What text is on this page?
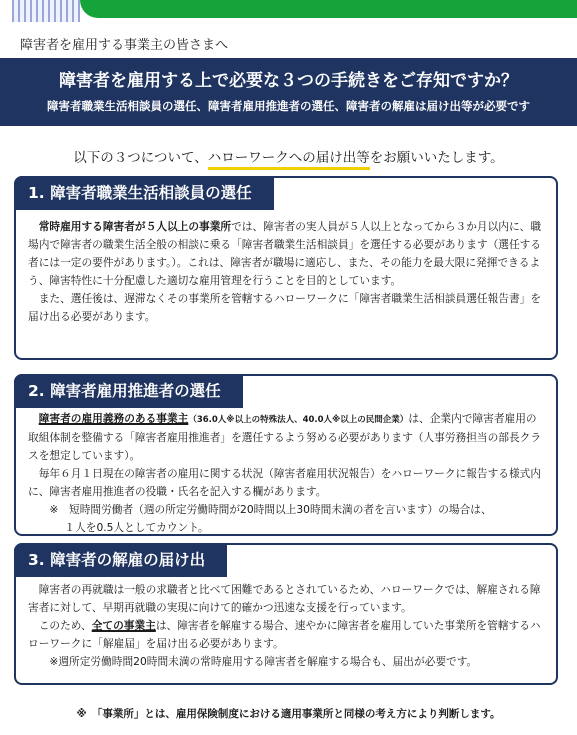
障害者を雇用する事業主の皆さまへ
障害者を雇用する上で必要な３つの手続きをご存知ですか？
障害者職業生活相談員の選任、障害者雇用推進者の選任、障害者の解雇は届け出等が必要です
以下の３つについて、ハローワークへの届け出等をお願いいたします。
1. 障害者職業生活相談員の選任

常時雇用する障害者が５人以上の事業所では、障害者の実人員が５人以上となってから３か月以内に、職場内で障害者の職業生活全般の相談に乗る「障害者職業生活相談員」を選任する必要があります（選任する者には一定の要件があります。）。これは、障害者が職場に適応し、また、その能力を最大限に発揮できるよう、障害特性に十分配慮した適切な雇用管理を行うことを目的としています。

また、選任後は、遅滞なくその事業所を管轄するハローワークに「障害者職業生活相談員選任報告書」を届け出る必要があります。

2. 障害者雇用推進者の選任

障害者の雇用義務のある事業主（36.0人※以上の特殊法人、40.0人※以上の民間企業）は、企業内で障害者雇用の取組体制を整備する「障害者雇用推進者」を選任するよう努める必要があります（人事労務担当の部長クラスを想定しています）。

毎年６月１日現在の障害者の雇用に関する状況（障害者雇用状況報告）をハローワークに報告する様式内に、障害者雇用推進者の役職・氏名を記入する欄があります。

※　短時間労働者（週の所定労働時間が20時間以上30時間未満の者を言います）の場合は、

１人を0.5人としてカウント。

3. 障害者の解雇の届け出

障害者の再就職は一般の求職者と比べて困難であるとされているため、ハローワークでは、解雇される障害者に対して、早期再就職の実現に向けて的確かつ迅速な支援を行っています。

このため、全ての事業主は、障害者を解雇する場合、速やかに障害者を雇用していた事業所を管轄するハローワークに「解雇届」を届け出る必要があります。

※週所定労働時間20時間未満の常時雇用する障害者を解雇する場合も、届出が必要です。

※　「事業所」とは、雇用保険制度における適用事業所と同様の考え方により判断します。
